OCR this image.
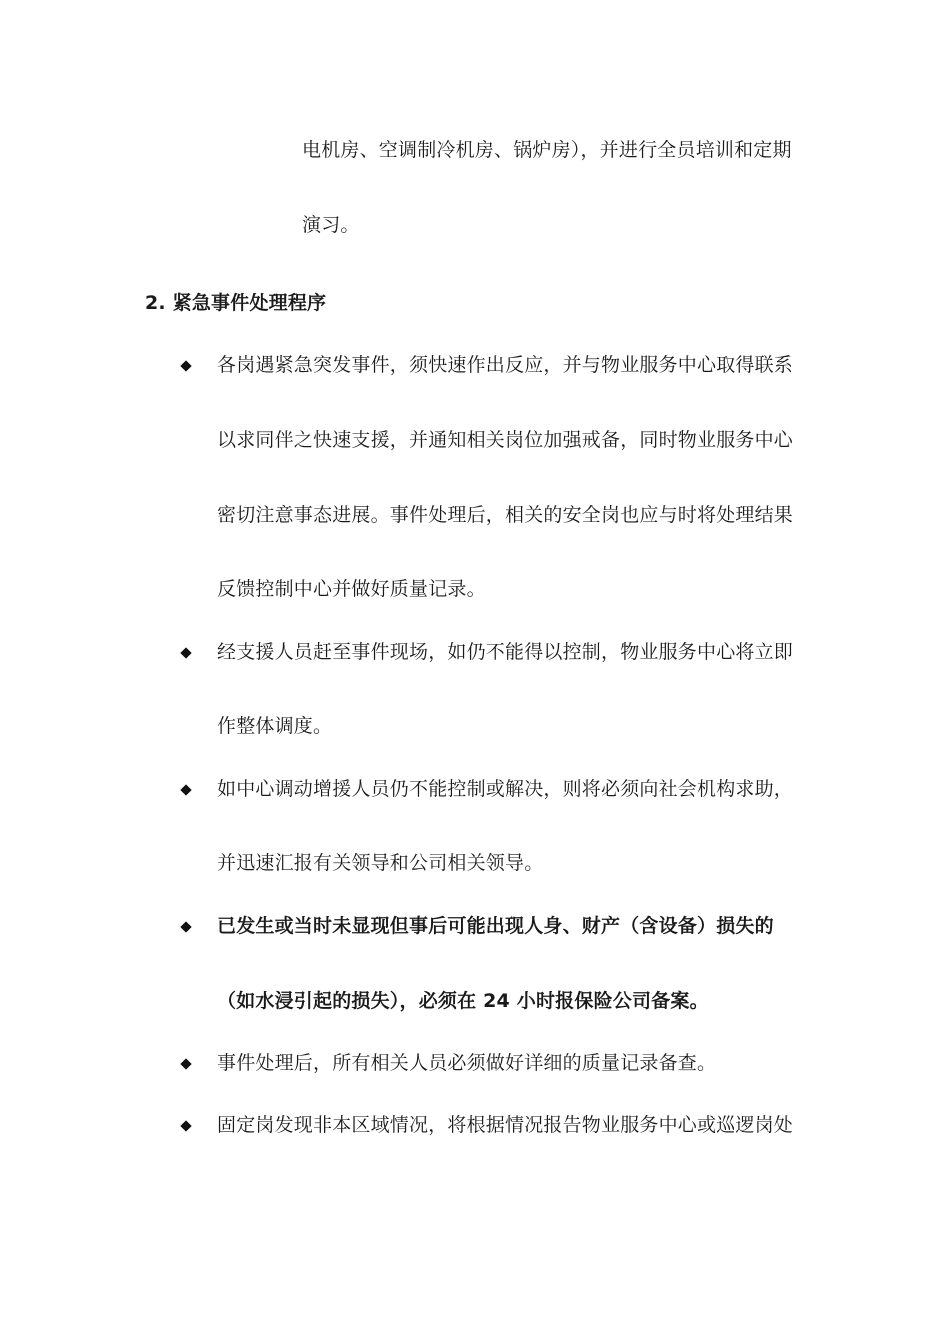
电机房、空调制冷机房、锅炉房），并进行全员培训和定期
演习。
2. 紧急事件处理程序
各岗遇紧急突发事件，须快速作出反应，并与物业服务中心取得联系
以求同伴之快速支援，并通知相关岗位加强戒备，同时物业服务中心
密切注意事态进展。事件处理后，相关的安全岗也应与时将处理结果
反馈控制中心并做好质量记录。
经支援人员赶至事件现场，如仍不能得以控制，物业服务中心将立即
作整体调度。
如中心调动增援人员仍不能控制或解决，则将必须向社会机构求助，
并迅速汇报有关领导和公司相关领导。
已发生或当时未显现但事后可能出现人身、财产（含设备）损失的
（如水浸引起的损失），必须在 24 小时报保险公司备案。
事件处理后，所有相关人员必须做好详细的质量记录备查。
固定岗发现非本区域情况，将根据情况报告物业服务中心或巡逻岗处
